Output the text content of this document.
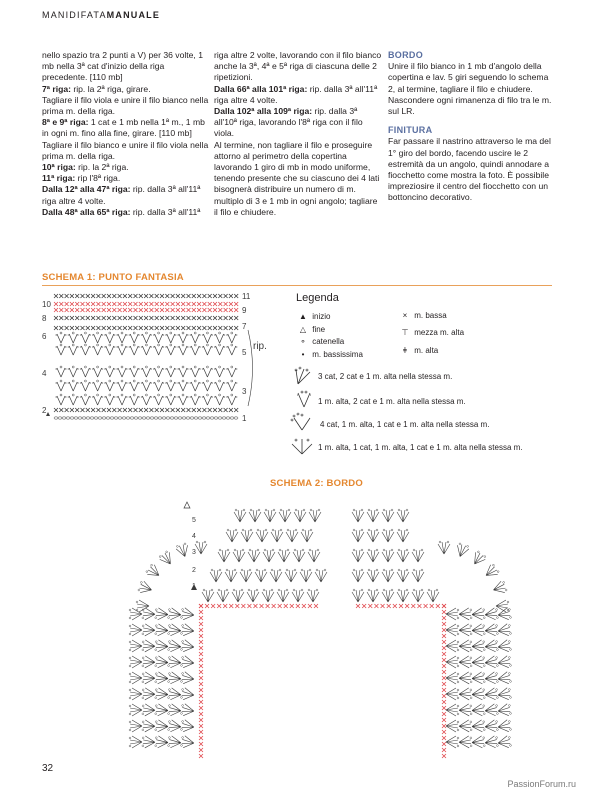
MANIDIFATAMANUALE

nello spazio tra 2 punti a V) per 36 volte, 1 mb nella 3ª cat d'inizio della riga precedente. [110 mb]

7ª riga: rip. la 2ª riga, girare.

Tagliare il filo viola e unire il filo bianco nella prima m. della riga.

8ª e 9ª riga: 1 cat e 1 mb nella 1ª m., 1 mb in ogni m. fino alla fine, girare. [110 mb]

Tagliare il filo bianco e unire il filo viola nella prima m. della riga.

10ª riga: rip. la 2ª riga.

11ª riga: rip l'8ª riga.

Dalla 12ª alla 47ª riga: rip. dalla 3ª all'11ª riga altre 4 volte.

Dalla 48ª alla 65ª riga: rip. dalla 3ª all'11ª

riga altre 2 volte, lavorando con il filo bianco anche la 3ª, 4ª e 5ª riga di ciascuna delle 2 ripetizioni.

Dalla 66ª alla 101ª riga: rip. dalla 3ª all'11ª riga altre 4 volte.

Dalla 102ª alla 109ª riga: rip. dalla 3ª all'10ª riga, lavorando l'8ª riga con il filo viola.

Al termine, non tagliare il filo e proseguire attorno al perimetro della copertina lavorando 1 giro di mb in modo uniforme, tenendo presente che su ciascuno dei 4 lati bisognerà distribuire un numero di m. multiplo di 3 e 1 mb in ogni angolo; tagliare il filo e chiudere.

BORDO

Unire il filo bianco in 1 mb d'angolo della copertina e lav. 5 giri seguendo lo schema 2, al termine, tagliare il filo e chiudere. Nascondere ogni rimanenza di filo tra le m. sul LR.

FINITURA

Far passare il nastrino attraverso le ma del 1° giro del bordo, facendo uscire le 2 estremità da un angolo, quindi annodare a fiocchetto come mostra la foto. È possibile impreziosire il centro del fiocchetto con un bottoncino decorativo.

SCHEMA 1: PUNTO FANTASIA
rip.
10
8
6
4
2
11
9
7
5
3
1
Legenda
▲ inizio
△ fine
⚬ catenella
• m. bassissima
× m. bassa
⊤ mezza m. alta
ǂ m. alta
3 cat, 2 cat e 1 m. alta nella stessa m.
1 m. alta, 2 cat e 1 m. alta nella stessa m.
4 cat, 1 m. alta, 1 cat e 1 m. alta nella stessa m.
1 m. alta, 1 cat, 1 m. alta, 1 cat e 1 m. alta nella stessa m.
SCHEMA 2: BORDO
5
4
3
2
1
32
PassionForum.ru
